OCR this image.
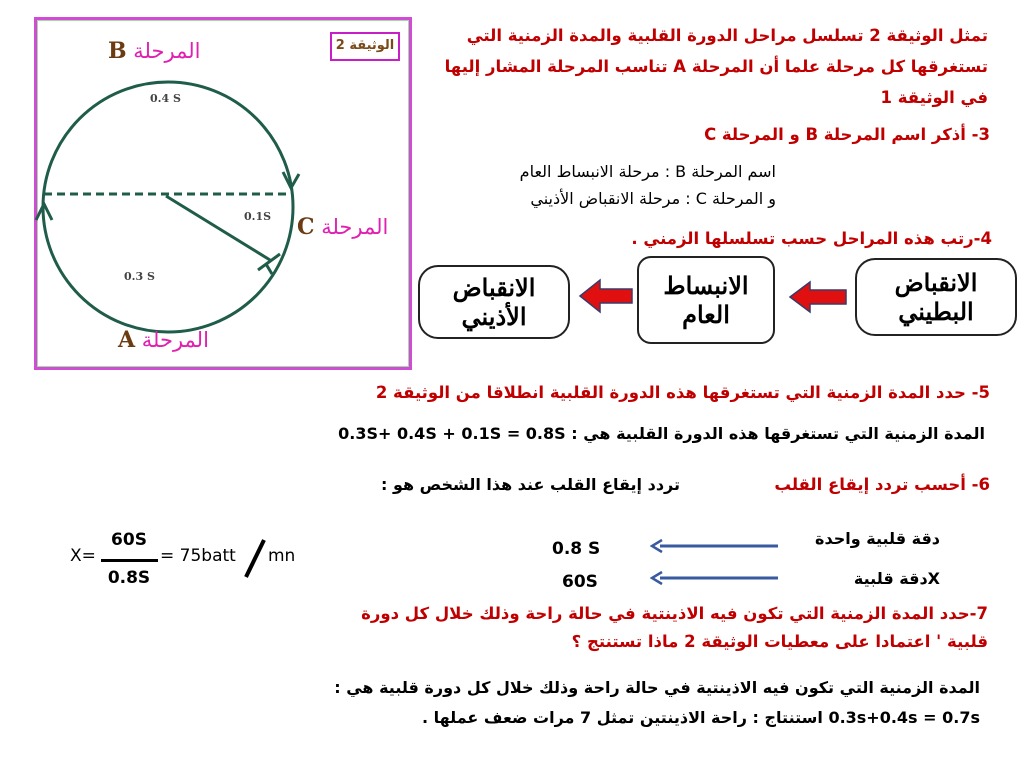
الوثيقة 2
المرحلة B
0.4 S
المرحلة C
0.1S
0.3 S
المرحلة A
تمثل الوثيقة 2 تسلسل مراحل الدورة القلبية والمدة الزمنية التي تستغرقها كل مرحلة علما أن المرحلة A تناسب المرحلة المشار إليها في الوثيقة 1
3- أذكر اسم المرحلة B و المرحلة C
اسم المرحلة B : مرحلة الانبساط العام
و المرحلة C : مرحلة الانقباض الأذيني
4-رتب هذه المراحل حسب تسلسلها الزمني .
الانقباض البطيني
الانبساط العام
الانقباض الأذيني
5- حدد المدة الزمنية التي تستغرقها هذه الدورة القلبية انطلاقا من الوثيقة 2
المدة الزمنية التي تستغرقها هذه الدورة القلبية هي : 0.3S+ 0.4S + 0.1S = 0.8S
6- أحسب تردد إيقاع القلب
تردد إيقاع القلب عند هذا الشخص هو :
X=
60S
0.8S
= 75batt mn
دقة قلبية واحدة
Xدقة قلبية
0.8 S
60S
7-حدد المدة الزمنية التي تكون فيه الاذينتية في حالة راحة وذلك خلال كل دورة قلبية ' اعتمادا على معطيات الوثيقة 2 ماذا تستنتج ؟
المدة الزمنية التي تكون فيه الاذينتية في حالة راحة وذلك خلال كل دورة قلبية هي :
0.3s+0.4s = 0.7s استنتاج : راحة الاذينتين تمثل 7 مرات ضعف عملها .
